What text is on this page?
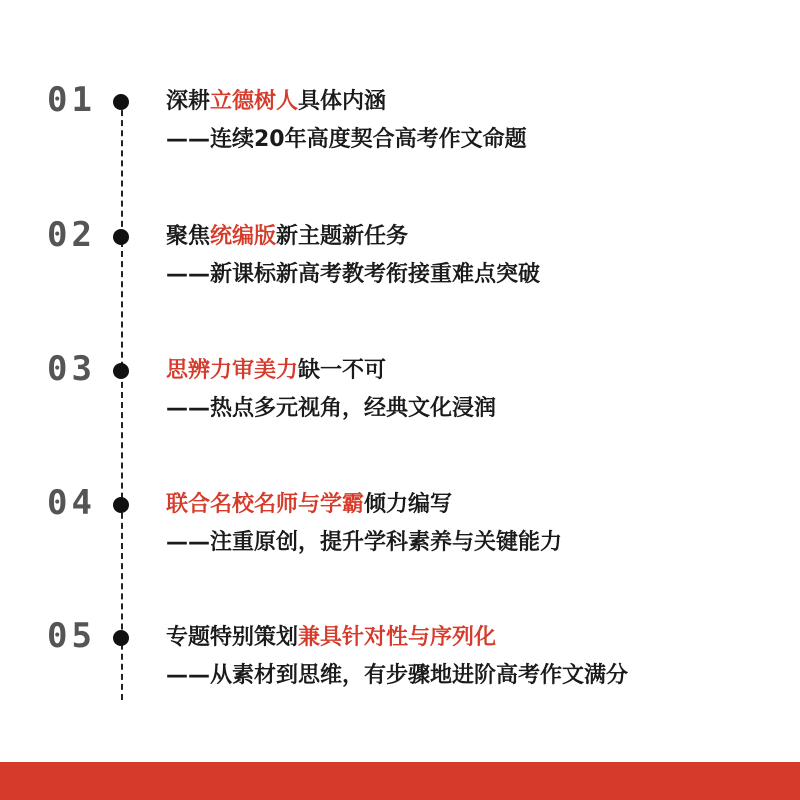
01	深耕立德树人具体内涵
——连续20年高度契合高考作文命题
02	聚焦统编版新主题新任务
——新课标新高考教考衔接重难点突破
03	思辨力审美力缺一不可
——热点多元视角，经典文化浸润
04	联合名校名师与学霸倾力编写
——注重原创，提升学科素养与关键能力
05	专题特别策划兼具针对性与序列化
——从素材到思维，有步骤地进阶高考作文满分
